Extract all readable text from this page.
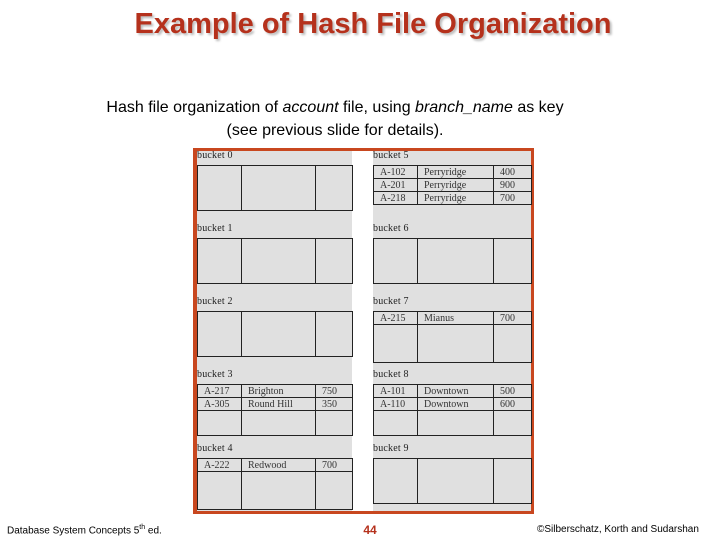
Example of Hash File Organization
Hash file organization of account file, using branch_name as key
(see previous slide for details).
bucket 0

bucket 1

bucket 2

bucket 3
A-217	Brighton	750
A-305	Round Hill	350

bucket 4
A-222	Redwood	700

bucket 5
A-102	Perryridge	400
A-201	Perryridge	900
A-218	Perryridge	700
bucket 6

bucket 7
A-215	Mianus	700

bucket 8
A-101	Downtown	500
A-110	Downtown	600

bucket 9

Database System Concepts 5th ed.	44	©Silberschatz, Korth and Sudarshan
